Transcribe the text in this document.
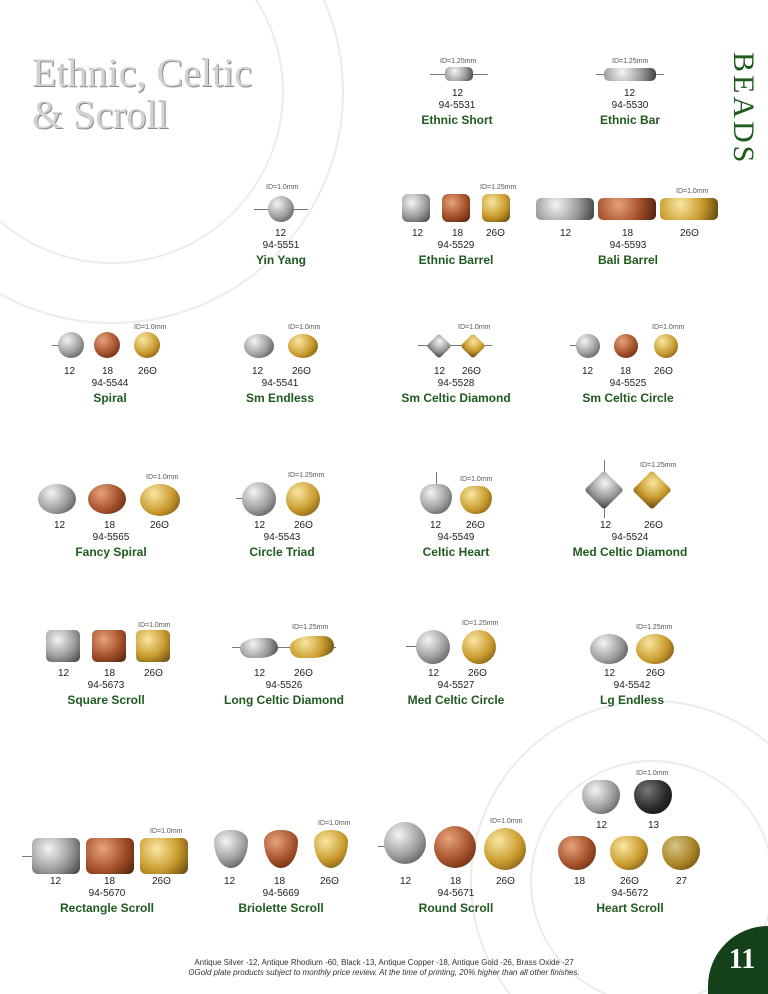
Ethnic, Celtic
& Scroll	BEADS
ID=1.25mm
12
94-5531
Ethnic Short
ID=1.25mm
12
94-5530
Ethnic Bar
ID=1.0mm
12
94-5551
Yin Yang
ID=1.25mm
12	18 26ʘ
94-5529
Ethnic Barrel
ID=1.0mm
12	18	26ʘ
94-5593
Bali Barrel
ID=1.0mm
12	18 26ʘ
94-5544
Spiral
ID=1.0mm
12	26ʘ
94-5541
Sm Endless
ID=1.0mm
12 26ʘ
94-5528
Sm Celtic Diamond
ID=1.0mm
12	18 26ʘ
94-5525
Sm Celtic Circle
ID=1.0mm
12	18	26ʘ
94-5565
Fancy Spiral
ID=1.25mm
12	26ʘ
94-5543
Circle Triad
ID=1.0mm
12 26ʘ
94-5549
Celtic Heart
ID=1.25mm
12	26ʘ
94-5524
Med Celtic Diamond
ID=1.0mm
12	18	26ʘ
94-5673
Square Scroll
ID=1.25mm
12	26ʘ
94-5526
Long Celtic Diamond
ID=1.25mm
12	26ʘ
94-5527
Med Celtic Circle
ID=1.25mm
12	26ʘ
94-5542
Lg Endless
ID=1.0mm
12	18	26ʘ
94-5670
Rectangle Scroll
ID=1.0mm
12	18	26ʘ
94-5669
Briolette Scroll
ID=1.0mm
12	18	26ʘ
94-5671
Round Scroll
ID=1.0mm
12	13
18	26ʘ	27
94-5672
Heart Scroll
Antique Silver -12, Antique Rhodium -60, Black -13, Antique Copper -18, Antique Gold -26, Brass Oxide -27
ʘGold plate products subject to monthly price review. At the time of printing, 20% higher than all other finishes.	11
